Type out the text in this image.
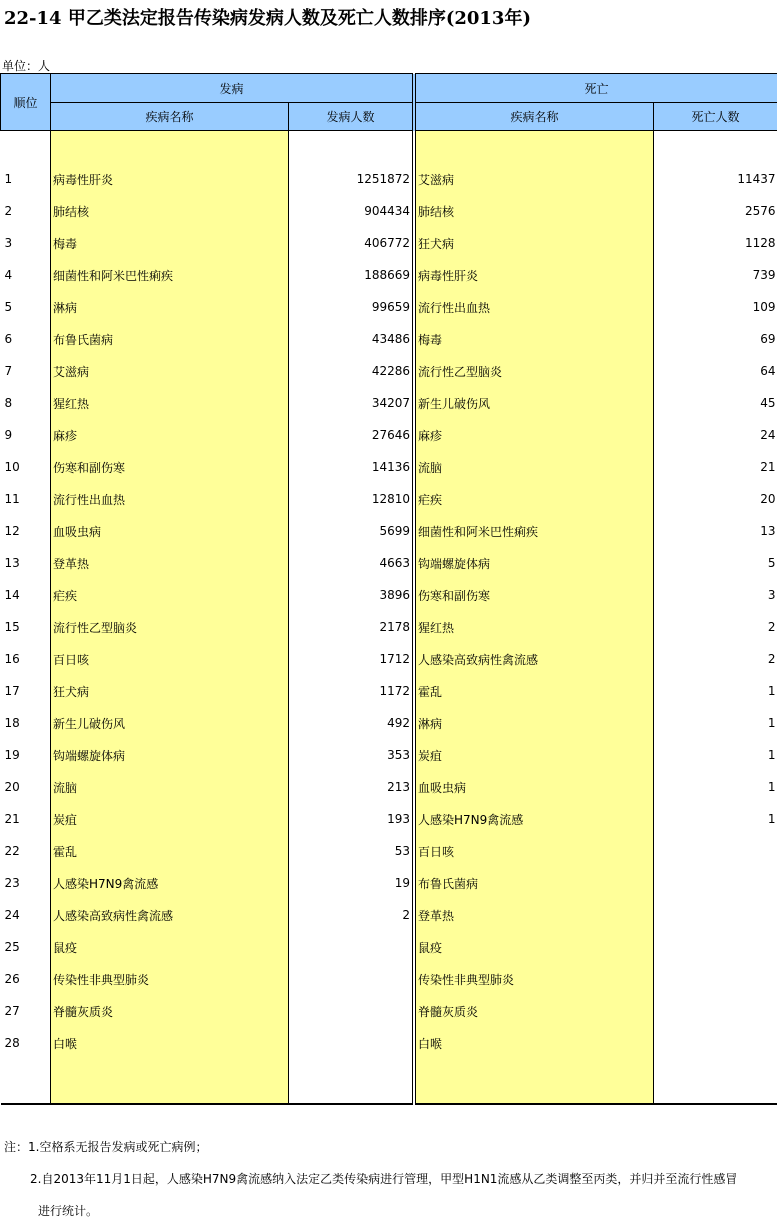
22-14 甲乙类法定报告传染病发病人数及死亡人数排序(2013年)
单位：人
顺位	发病			死亡	
	疾病名称	发病人数		疾病名称	死亡人数

1	病毒性肝炎	1251872		艾滋病	11437
2	肺结核	904434		肺结核	2576
3	梅毒	406772		狂犬病	1128
4	细菌性和阿米巴性痢疾	188669		病毒性肝炎	739
5	淋病	99659		流行性出血热	109
6	布鲁氏菌病	43486		梅毒	69
7	艾滋病	42286		流行性乙型脑炎	64
8	猩红热	34207		新生儿破伤风	45
9	麻疹	27646		麻疹	24
10	伤寒和副伤寒	14136		流脑	21
11	流行性出血热	12810		疟疾	20
12	血吸虫病	5699		细菌性和阿米巴性痢疾	13
13	登革热	4663		钩端螺旋体病	5
14	疟疾	3896		伤寒和副伤寒	3
15	流行性乙型脑炎	2178		猩红热	2
16	百日咳	1712		人感染高致病性禽流感	2
17	狂犬病	1172		霍乱	1
18	新生儿破伤风	492		淋病	1
19	钩端螺旋体病	353		炭疽	1
20	流脑	213		血吸虫病	1
21	炭疽	193		人感染H7N9禽流感	1
22	霍乱	53		百日咳	
23	人感染H7N9禽流感	19		布鲁氏菌病	
24	人感染高致病性禽流感	2		登革热	
25	鼠疫			鼠疫	
26	传染性非典型肺炎			传染性非典型肺炎	
27	脊髓灰质炎			脊髓灰质炎	
28	白喉			白喉	

注：1.空格系无报告发病或死亡病例；
2.自2013年11月1日起，人感染H7N9禽流感纳入法定乙类传染病进行管理，甲型H1N1流感从乙类调整至丙类，并归并至流行性感冒
进行统计。
